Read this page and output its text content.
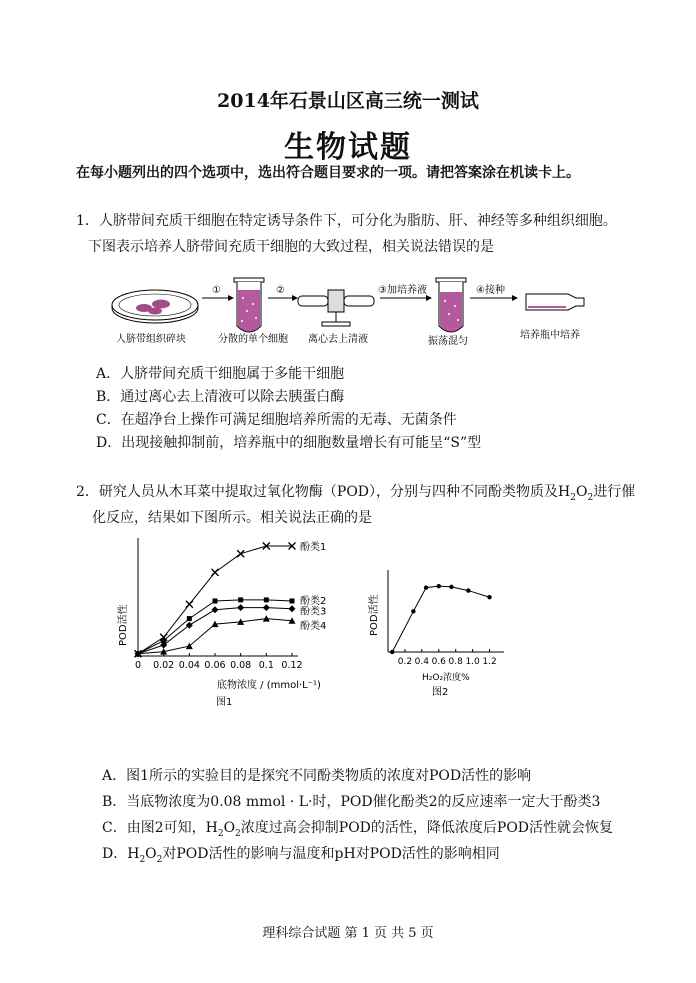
2014年石景山区高三统一测试
生物试题
在每小题列出的四个选项中，选出符合题目要求的一项。请把答案涂在机读卡上。
1．人脐带间充质干细胞在特定诱导条件下，可分化为脂肪、肝、神经等多种组织细胞。
下图表示培养人脐带间充质干细胞的大致过程，相关说法错误的是
①	②	③加培养液	④接种
人脐带组织碎块	分散的单个细胞 离心去上清液	振荡混匀
培养瓶中培养
A．人脐带间充质干细胞属于多能干细胞
B．通过离心去上清液可以除去胰蛋白酶
C．在超净台上操作可满足细胞培养所需的无毒、无菌条件
D．出现接触抑制前，培养瓶中的细胞数量增长有可能呈“S”型
2．研究人员从木耳菜中提取过氧化物酶（POD），分别与四种不同酚类物质及$H_2O_2$进行催
化反应，结果如下图所示。相关说法正确的是
0 0.02 0.04 0.06 0.08 0.1 0.12
酚类1
酚类2
酚类3
酚类4
底物浓度 / (mmol·L⁻¹)
POD活性
图1
0.2 0.4 0.6 0.8 1.0 1.2
H₂O₂浓度%
POD活性
图2
A．图1所示的实验目的是探究不同酚类物质的浓度对POD活性的影响
B．当底物浓度为0.08 mmol · L·时，POD催化酚类2的反应速率一定大于酚类3
C．由图2可知，$H_2O_2$浓度过高会抑制POD的活性，降低浓度后POD活性就会恢复
D．$H_2O_2$对POD活性的影响与温度和pH对POD活性的影响相同
理科综合试题 第 1 页 共 5 页
